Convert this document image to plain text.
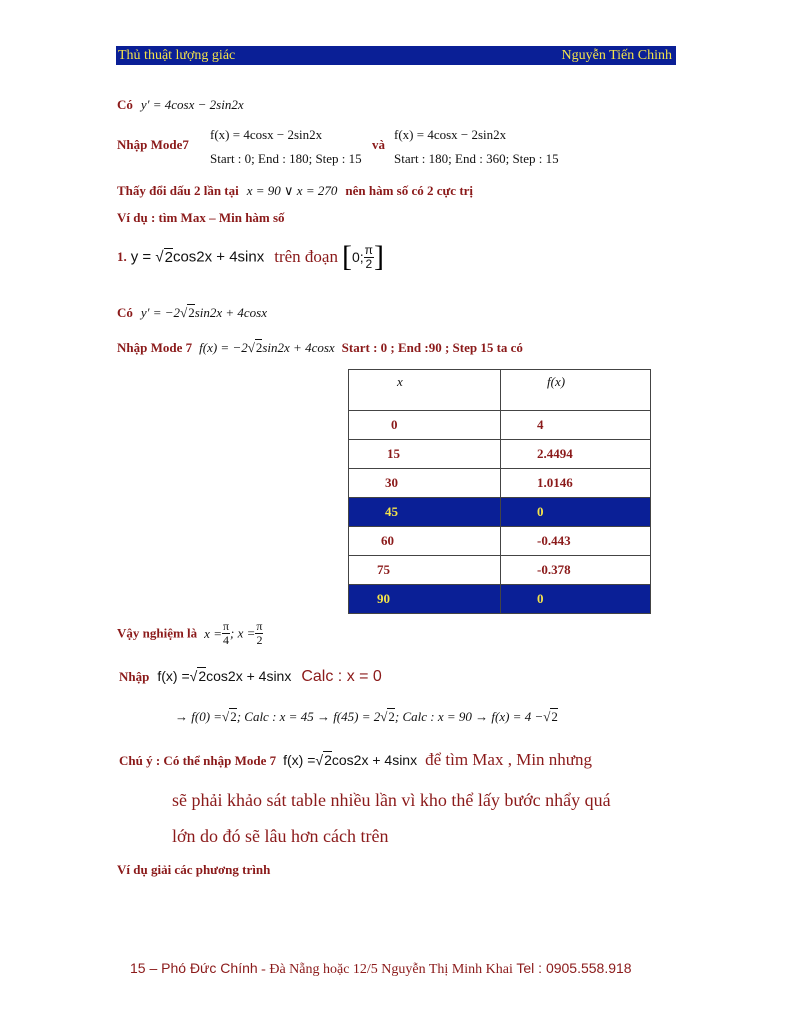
Thủ thuật lượng giác	Nguyễn Tiến Chinh
Có y′ = 4cosx − 2sin2x
Nhập Mode7
f(x) = 4cosx − 2sin2x
Start : 0; End : 180; Step : 15
và
f(x) = 4cosx − 2sin2x
Start : 180; End : 360; Step : 15
Thấy đổi dấu 2 lần tại x = 90 ∨ x = 270 nên hàm số có 2 cực trị
Ví dụ : tìm Max – Min hàm số
1. y = √2cos2x + 4sinx trên đoạn [0; $\frac{\pi}{2}$ ]
Có y′ = −2√2sin2x + 4cosx
Nhập Mode 7 f(x) = −2√2sin2x + 4cosx Start : 0 ; End :90 ; Step 15 ta có
x	f(x)
0	4
15	2.4494
30	1.0146
45	0
60	-0.443
75	-0.378
90	0
Vậy nghiệm là $x = \frac{\pi}{4}$ ; $x = \frac{\pi}{2}$
Nhập f(x) =√2cos2x + 4sinx Calc : x = 0
→ f(0) =√2; Calc : x = 45 → f(45) = 2√2; Calc : x = 90 → f(x) = 4 −√2
Chú ý : Có thể nhập Mode 7 f(x) =√2cos2x + 4sinx để tìm Max , Min nhưng
sẽ phải khảo sát table nhiều lần vì kho thể lấy bước nhẩy quá
lớn do đó sẽ lâu hơn cách trên
Ví dụ giải các phương trình
15 – Phó Đức Chính - Đà Nẵng hoặc 12/5 Nguyễn Thị Minh Khai Tel : 0905.558.918
